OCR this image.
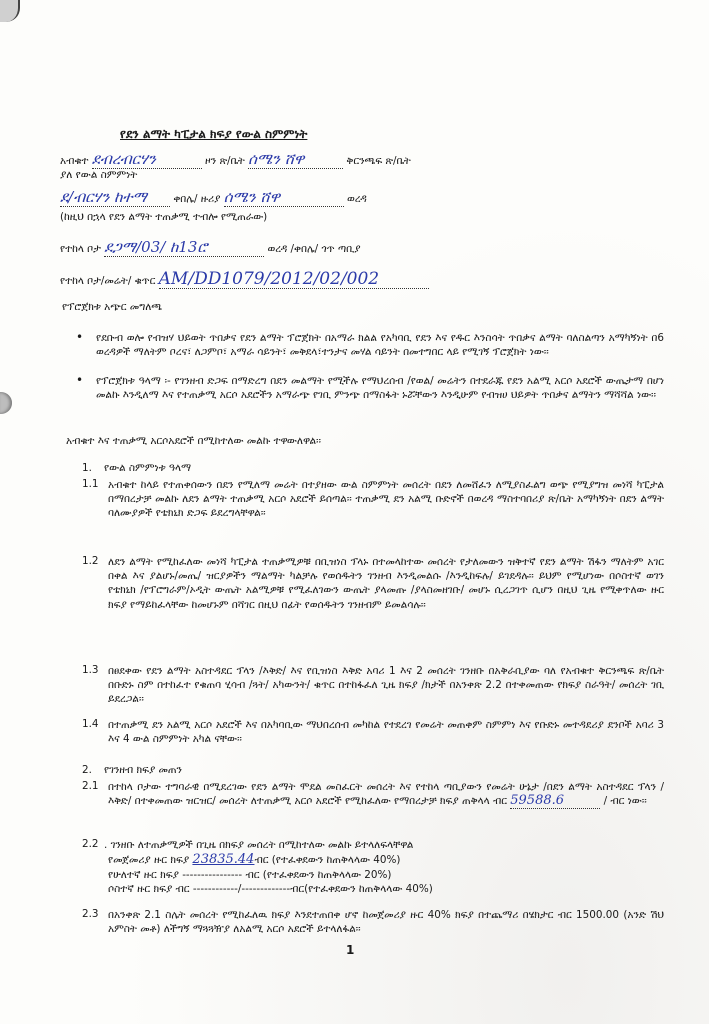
የደን ልማት ካፒታል ክፍያ የውል ስምምነት
አብቁተ ደብረብርሃን	ዞን ጽ/ቤት ሰሜን ሸዋ	ቅርንጫፍ ጽ/ቤት
ያለ የውል ስምምነት
ደ/ብርሃን ከተማ	ቀበሌ/ ዙሪያ ሰሜን ሸዋ	ወረዳ
(ከዚህ በኋላ የደን ልማት ተጠቃሚ ተብሎ የሚጠራው)
የተከላ ቦታ ደጋማ/03/ ከ13ሮ	ወረዳ /ቀበሌ/ ጎጥ ጣቢያ
የተከላ ቦታ/መሬት/ ቁጥር AM/DD1079/2012/02/002
የፕሮጀክቱ አጭር መግለጫ
• የደቡብ ወሎ የብዝሃ ህይወት ጥበቃና የደን ልማት ፕሮጀክት በአማራ ክልል የአካባቢ የደን እና የዱር እንስሳት ጥበቃና ልማት ባለስልጣን አማካኝነት በ6 ወረዳዎች ማለትም ቦረና፣ ለጋምቦ፣ አማራ ሳይንት፣ መቅደላ፣ተንታና መሃል ሳይንት በመተግበር ላይ የሚገኝ ፕሮጀክት ነው፡፡
• የፕሮጀክቱ ዓላማ ፡- የገንዘብ ድጋፍ በማድረግ በደን መልማት የሚችሉ የማህረሰብ /የወል/ መሬትን በተደራጁ የደን አልሚ አርሶ አደሮች ውጤታማ በሆነ መልኩ እንዲለማ እና የተጠቃሚ አርሶ አደሮችን አማራጭ የገቢ ምንጭ በማስፋት ኑሯቸውን እንዲሁም የብዝሀ ህይዎት ጥበቃና ልማትን ማሻሻል ነው፡፡
አብቁተ እና ተጠቃሚ አርሶአደሮች በሚከተለው መልኩ ተዋውለዋል፡፡
1. የውል ስምምነቱ ዓላማ
1.1 አብቁተ ከላይ የተጠቀሰውን በደን የሚለማ መሬት በተያዘው ውል ስምምነት መሰረት በደን ለመሸፈን ለሚያስፈልግ ወጭ የሚያግዝ መነሻ ካፒታል በማበረታቻ መልኩ ለደን ልማት ተጠቃሚ አርሶ አደሮች ይሰጣል፡፡ ተጠቃሚ ደን አልሚ ቡድኖች በወረዳ ማስተባበሪያ ጽ/ቤት አማካኝነት በደን ልማት ባለሙያዎች የቴክኒክ ድጋፍ ይደረግላቸዋል፡፡
1.2 ለደን ልማት የሚከፈለው መነሻ ካፒታል ተጠቃሚዎቹ በቢዝነስ ፕላኑ በተመላከተው መሰረት የታለመውን ዝቅተኛ የደን ልማት ሽፋን ማለትም አገር በቀል እና ያልሆኑ/መጤ/ ዝርያዎችን ማልማት ካልቻሉ የወሰዱትን ገንዘብ እንዲመልሱ /እንዲከፍሉ/ ይገደዳሉ፡፡ ይህም የሚሆነው በሶስተኛ ወገን የቴክኒክ /የፕሮግራም/ኦዲት ውጤት አልሚዎቹ የሚፈለገውን ውጤት ያላመጡ /ያላስመዘገቡ/ መሆኑ ሲረጋገጥ ሲሆን በዚህ ጊዜ የሚቀጥለው ዙር ክፍያ የማይከፈላቸው ከመሆኑም በሻገር በዚህ በፊት የወሰዱትን ገንዘብም ይመልሳሉ፡፡
1.3 በፀደቀው የደን ልማት አስተዳደር ፕላን /እቅድ/ እና የቢዝነስ እቅድ አባሪ 1 እና 2 መሰረት ገንዘቡ በአቅራቢያው ባለ የአብቁተ ቅርንጫፍ ጽ/ቤት በቡድኑ ስም በተከፈተ የቁጠባ ሂሳብ /ጓት/ አካውንት/ ቁጥር በተከፋፈለ ጊዜ ክፍያ /ክታች በአንቀጽ 2.2 በተቀመጠው የክፍያ ስራዓት/ መሰረት ገቢ ይደረጋል፡፡
1.4 በተጠቃሚ ደን አልሚ አርሶ አደሮች እና በአካባቢው ማህበረሰብ መካከል የተደረገ የመሬት መጠቀም ስምምነ እና የቡድኑ መተዳደሪያ ደንቦች አባሪ 3 እና 4 ውል ስምምነት አካል ናቸው፡፡
2. የገንዘብ ክፍያ መጠን
2.1 በተከላ ቦታው ተግባራዊ በሚደረገው የደን ልማት ሞደል መስፈርት መሰረት እና የተከላ ጣቢያውን የመሬት ሁኔታ /በደን ልማት አስተዳደር ፕላን /እቅድ/ በተቀመጠው ዝርዝር/ መሰረት ለተጠቃሚ አርሶ አደሮች የሚከፈለው የማበረታቻ ክፍያ ጠቅላላ ብር 59588.6	/ ብር ነው፡፡
2.2 . ገንዘቡ ለተጠቃሚዎች በጊዜ በክፍያ መሰረት በሚከተለው መልኩ ይተላለፍላቸዋል
የመጀመሪያ ዙር ክፍያ 23835.44ብር (የተፈቀደውን ከጠቅላላው 40%)
የሁለተኛ ዙር ክፍያ ---------------- ብር (የተፈቀደውን ከጠቅላላው 20%)
ሶስተኛ ዙር ክፍያ ብር ------------/-------------ብር(የተፈቀደውን ከጠቅላላው 40%)
2.3 በአንቀጽ 2.1 ስሌት መሰረት የሚከፈለዉ ክፍያ እንደተጠበቀ ሆኖ ከመጀመሪያ ዙር 40% ክፍያ በተጨማሪ በሄክታር ብር 1500.00 (አንድ ሽህ አምስት መቶ) ለችግኝ ማጓጓዥያ ለአልሚ አርሶ አደሮች ይተላለፋል፡፡
1
